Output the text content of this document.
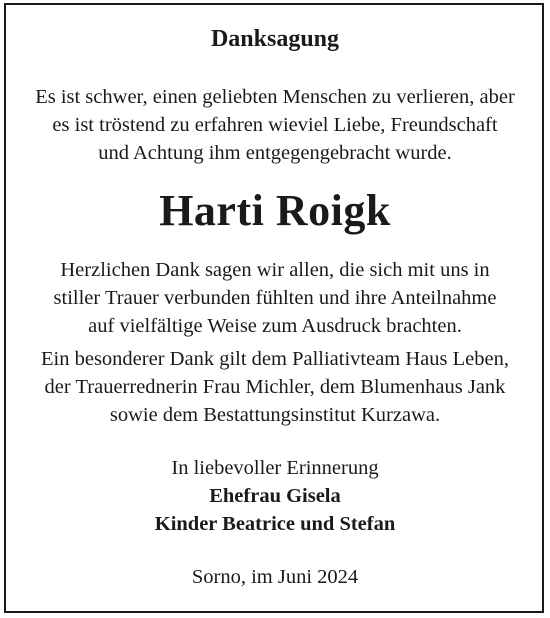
Danksagung
Es ist schwer, einen geliebten Menschen zu verlieren, aber
es ist tröstend zu erfahren wieviel Liebe, Freundschaft
und Achtung ihm entgegengebracht wurde.
Harti Roigk
Herzlichen Dank sagen wir allen, die sich mit uns in
stiller Trauer verbunden fühlten und ihre Anteilnahme
auf vielfältige Weise zum Ausdruck brachten.
Ein besonderer Dank gilt dem Palliativteam Haus Leben,
der Trauerrednerin Frau Michler, dem Blumenhaus Jank
sowie dem Bestattungsinstitut Kurzawa.
In liebevoller Erinnerung
Ehefrau Gisela
Kinder Beatrice und Stefan
Sorno, im Juni 2024
